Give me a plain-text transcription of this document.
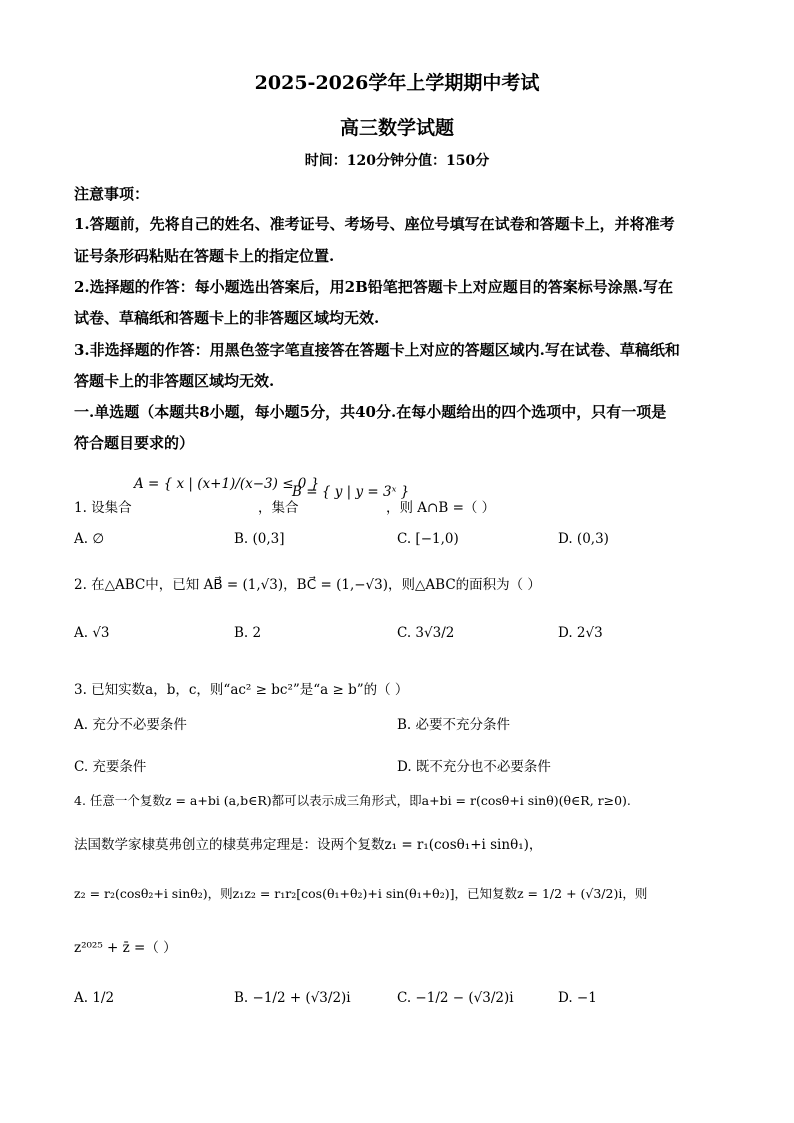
2025-2026学年上学期期中考试
高三数学试题
时间：120分钟分值：150分
注意事项：
1.答题前，先将自己的姓名、准考证号、考场号、座位号填写在试卷和答题卡上，并将准考
证号条形码粘贴在答题卡上的指定位置.
2.选择题的作答：每小题选出答案后，用2B铅笔把答题卡上对应题目的答案标号涂黑.写在
试卷、草稿纸和答题卡上的非答题区域均无效.
3.非选择题的作答：用黑色签字笔直接答在答题卡上对应的答题区域内.写在试卷、草稿纸和
答题卡上的非答题区域均无效.
一.单选题（本题共8小题，每小题5分，共40分.在每小题给出的四个选项中，只有一项是
符合题目要求的）
1. 设集合
A = { x | (x+1)/(x−3) ≤ 0 }
，集合
B = { y | y = 3ˣ }
，则 A∩B =（ ）
A. ∅	B. (0,3]	C. [−1,0)	D. (0,3)
2. 在△ABC中，已知 AB⃗ = (1,√3)，BC⃗ = (1,−√3)，则△ABC的面积为（ ）
A. √3	B. 2	C. 3√3/2	D. 2√3
3. 已知实数a，b，c，则“ac² ≥ bc²”是“a ≥ b”的（ ）
A. 充分不必要条件	B. 必要不充分条件
C. 充要条件	D. 既不充分也不必要条件
4. 任意一个复数z = a+bi (a,b∈R)都可以表示成三角形式，即a+bi = r(cosθ+i sinθ)(θ∈R, r≥0).
法国数学家棣莫弗创立的棣莫弗定理是：设两个复数z₁ = r₁(cosθ₁+i sinθ₁)，
z₂ = r₂(cosθ₂+i sinθ₂)，则z₁z₂ = r₁r₂[cos(θ₁+θ₂)+i sin(θ₁+θ₂)]，已知复数z = 1/2 + (√3/2)i，则
z²⁰²⁵ + z̄ =（ ）
A. 1/2	B. −1/2 + (√3/2)i	C. −1/2 − (√3/2)i	D. −1
